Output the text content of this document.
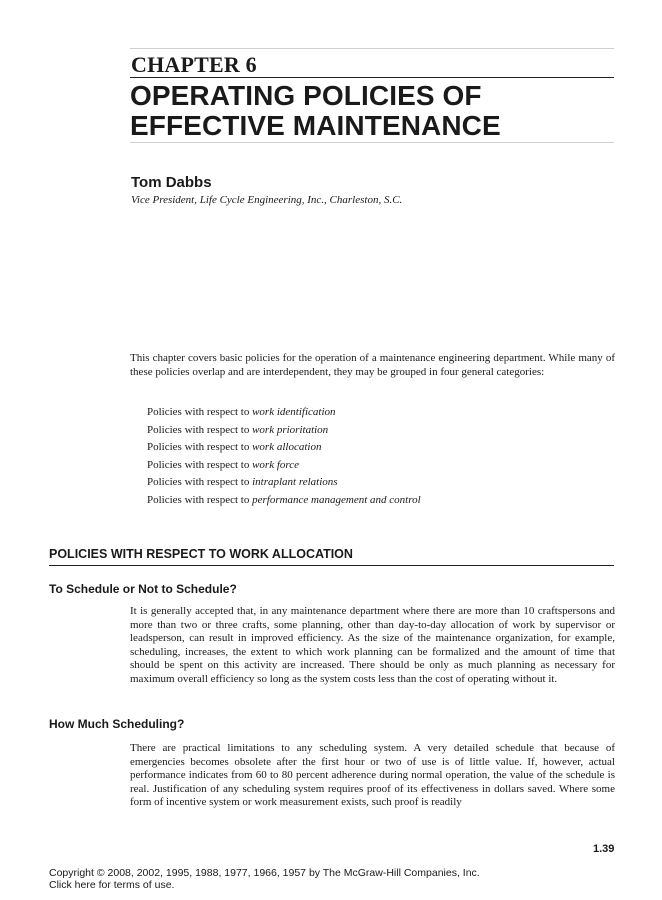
CHAPTER 6
OPERATING POLICIES OF
EFFECTIVE MAINTENANCE
Tom Dabbs
Vice President, Life Cycle Engineering, Inc., Charleston, S.C.
This chapter covers basic policies for the operation of a maintenance engineering department. While many of these policies overlap and are interdependent, they may be grouped in four general categories:
Policies with respect to work identification
Policies with respect to work prioritation
Policies with respect to work allocation
Policies with respect to work force
Policies with respect to intraplant relations
Policies with respect to performance management and control
POLICIES WITH RESPECT TO WORK ALLOCATION
To Schedule or Not to Schedule?
It is generally accepted that, in any maintenance department where there are more than 10 craftspersons and more than two or three crafts, some planning, other than day-to-day allocation of work by supervisor or leadsperson, can result in improved efficiency. As the size of the maintenance organization, for example, scheduling, increases, the extent to which work planning can be formalized and the amount of time that should be spent on this activity are increased. There should be only as much planning as necessary for maximum overall efficiency so long as the system costs less than the cost of operating without it.
How Much Scheduling?
There are practical limitations to any scheduling system. A very detailed schedule that because of emergencies becomes obsolete after the first hour or two of use is of little value. If, however, actual performance indicates from 60 to 80 percent adherence during normal operation, the value of the schedule is real. Justification of any scheduling system requires proof of its effectiveness in dollars saved. Where some form of incentive system or work measurement exists, such proof is readily
1.39
Copyright © 2008, 2002, 1995, 1988, 1977, 1966, 1957 by The McGraw-Hill Companies, Inc.
Click here for terms of use.
